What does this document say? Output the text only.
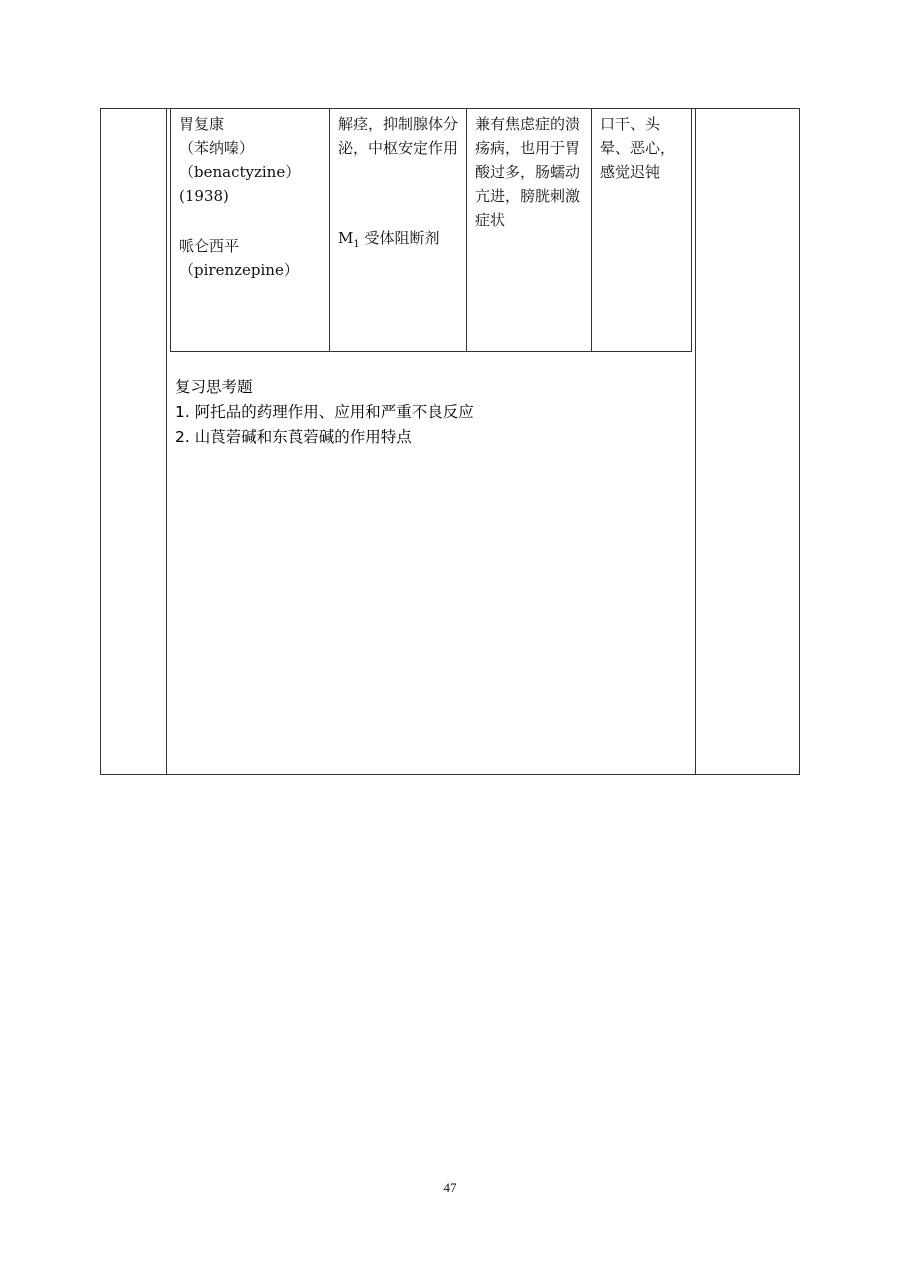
胃复康
（苯纳嗪）
（benactyzine）
(1938)
哌仑西平
（pirenzepine）
解痉，抑制腺体分泌，中枢安定作用
$M_1$ 受体阻断剂
兼有焦虑症的溃疡病，也用于胃酸过多，肠蠕动亢进，膀胱刺激症状
口干、头晕、恶心，感觉迟钝
复习思考题
1. 阿托品的药理作用、应用和严重不良反应
2. 山莨菪碱和东莨菪碱的作用特点
47
